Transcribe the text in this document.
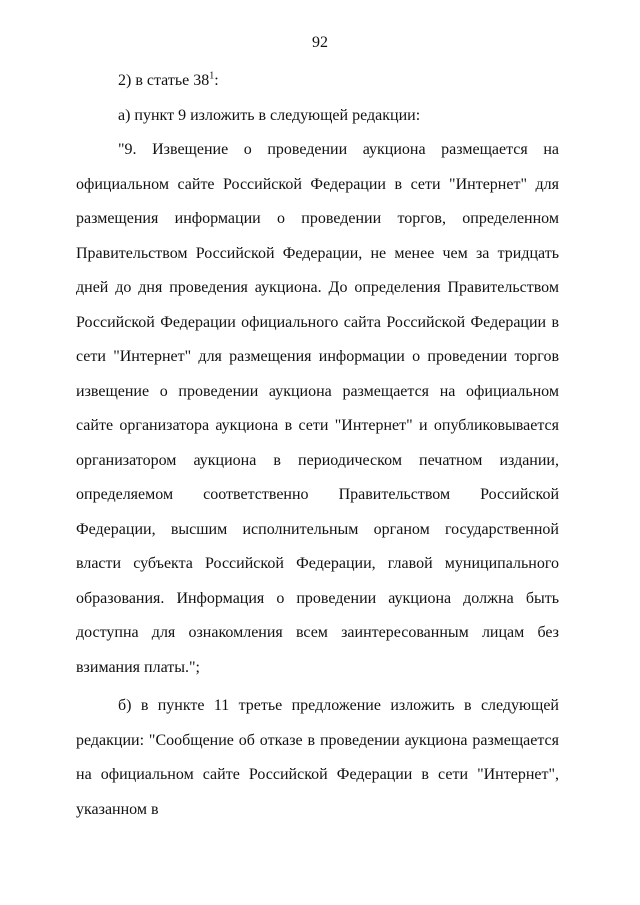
92

2) в статье $38^1$:

а) пункт 9 изложить в следующей редакции:

"9. Извещение о проведении аукциона размещается на официальном сайте Российской Федерации в сети "Интернет" для размещения информации о проведении торгов, определенном Правительством Российской Федерации, не менее чем за тридцать дней до дня проведения аукциона. До определения Правительством Российской Федерации официального сайта Российской Федерации в сети "Интернет" для размещения информации о проведении торгов извещение о проведении аукциона размещается на официальном сайте организатора аукциона в сети "Интернет" и опубликовывается организатором аукциона в периодическом печатном издании, определяемом соответственно Правительством Российской Федерации, высшим исполнительным органом государственной власти субъекта Российской Федерации, главой муниципального образования. Информация о проведении аукциона должна быть доступна для ознакомления всем заинтересованным лицам без взимания платы.";

б) в пункте 11 третье предложение изложить в следующей редакции: "Сообщение об отказе в проведении аукциона размещается на официальном сайте Российской Федерации в сети "Интернет", указанном в
